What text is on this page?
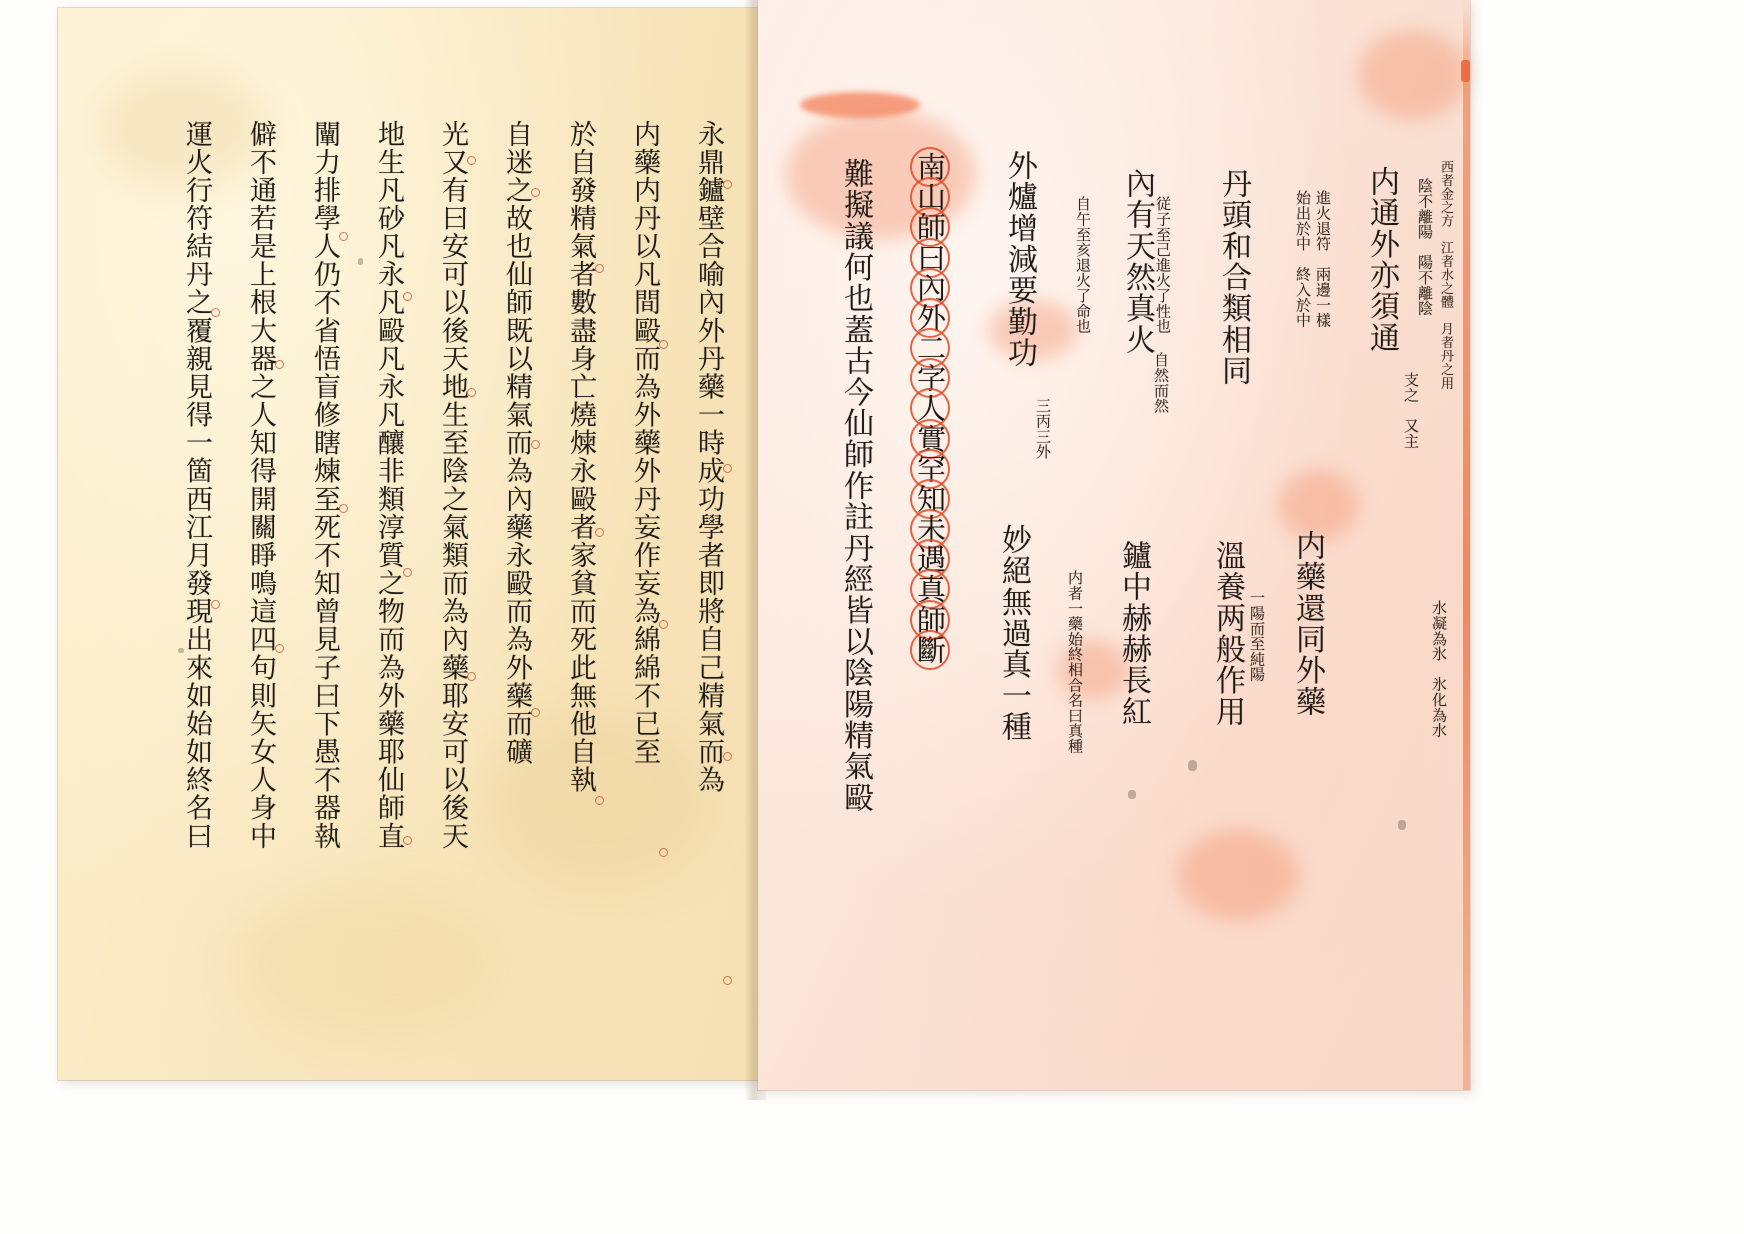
永鼎鑪壁合喻內外丹藥一時成功學者即將自己精氣而為
内藥内丹以凡間毆而為外藥外丹妄作妄為綿綿不已至
於自發精氣者數盡身亡燒煉永毆者家貧而死此無他自執
自迷之故也仙師既以精氣而為內藥永毆而為外藥而礦
光又有曰安可以後天地生至陰之氣類而為內藥耶安可以後天
地生凡砂凡永凡毆凡永凡釀非類淳質之物而為外藥耶仙師直
闡力排學人仍不省悟盲修瞎煉至死不知曾見子曰下愚不器執
僻不通若是上根大器之人知得開關睜鳴這四句則矢女人身中
運火行符結丹之覆親見得一箇西江月發現出來如始如終名曰	西者金之方　江者水之體　月者丹之用
内通外亦須通
支之　又主
陰不離陽　陽不離陰
水凝為氷　氷化為水
内藥還同外藥
始出於中　終入於中 進火退符　兩邊一樣
丹頭和合類相同
溫養两般作用 一陽而至純陽
従子至己進火了性也
內有天然真火
自然而然
鑪中赫赫長紅
自午至亥退火了命也
内者一藥始終相合名曰真種
外爐增減要勤功
三丙三外
妙絕無過真一種
南
山
師
曰
內
外
二
字
人
實
罕
知
未
遇
真
師
斷
難擬議何也蓋古今仙師作註丹經皆以陰陽精氣毆
